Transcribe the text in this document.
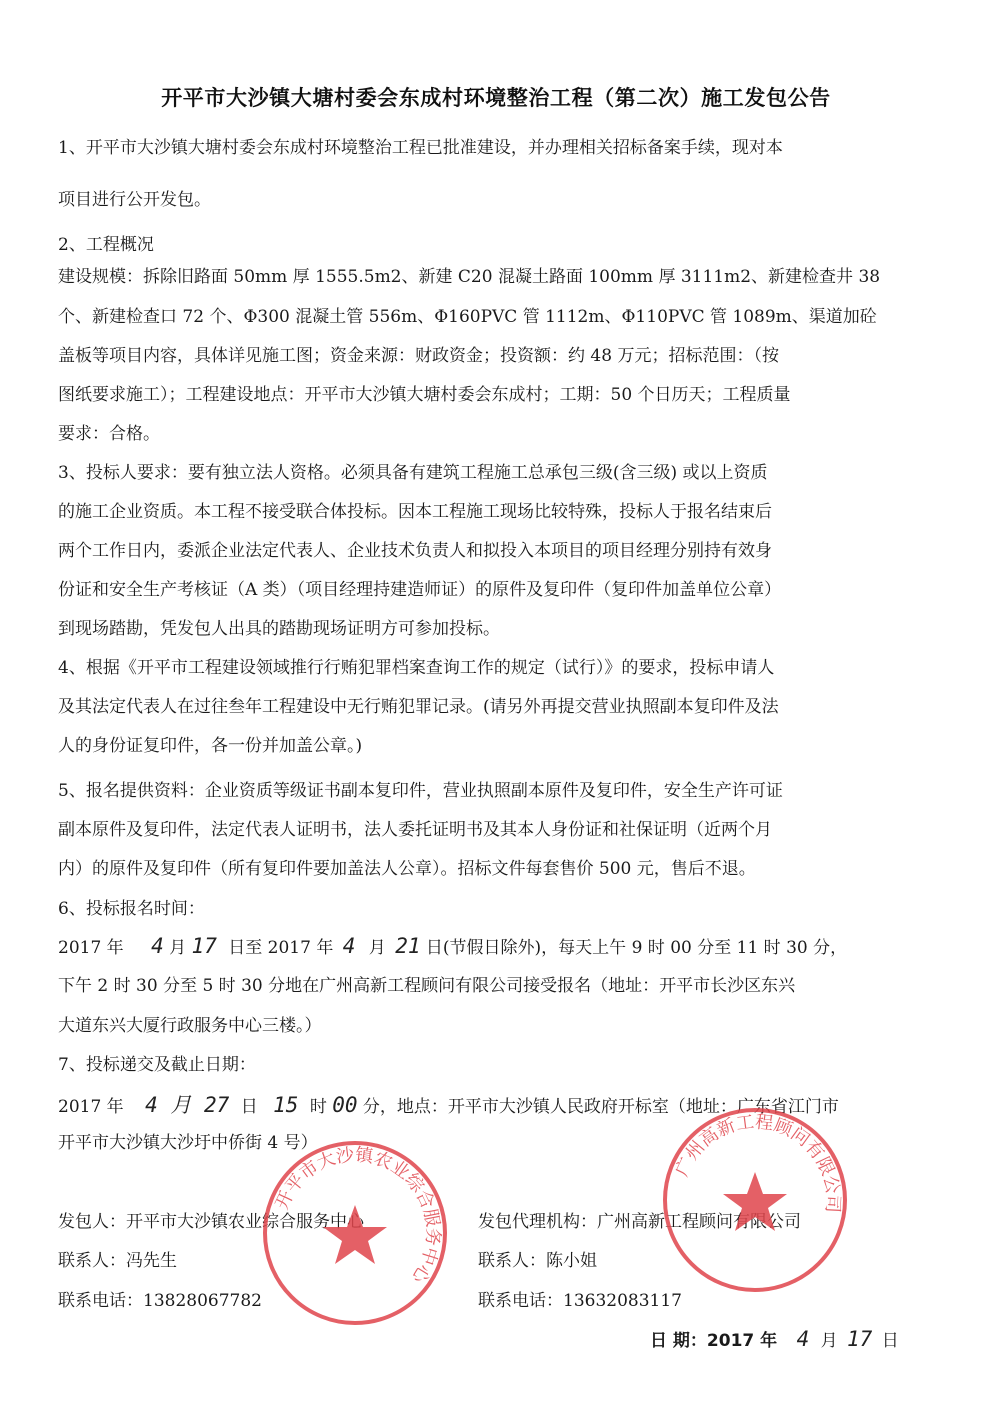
开平市大沙镇大塘村委会东成村环境整治工程（第二次）施工发包公告
1、开平市大沙镇大塘村委会东成村环境整治工程已批准建设，并办理相关招标备案手续，现对本
项目进行公开发包。
2、工程概况
建设规模：拆除旧路面 50mm 厚 1555.5m2、新建 C20 混凝土路面 100mm 厚 3111m2、新建检查井 38
个、新建检查口 72 个、Φ300 混凝土管 556m、Φ160PVC 管 1112m、Φ110PVC 管 1089m、渠道加砼
盖板等项目内容，具体详见施工图；资金来源：财政资金；投资额：约 48 万元；招标范围：（按
图纸要求施工）；工程建设地点：开平市大沙镇大塘村委会东成村；工期：50 个日历天；工程质量
要求：合格。
3、投标人要求：要有独立法人资格。必须具备有建筑工程施工总承包三级(含三级) 或以上资质
的施工企业资质。本工程不接受联合体投标。因本工程施工现场比较特殊，投标人于报名结束后
两个工作日内，委派企业法定代表人、企业技术负责人和拟投入本项目的项目经理分别持有效身
份证和安全生产考核证（A 类）（项目经理持建造师证）的原件及复印件（复印件加盖单位公章）
到现场踏勘，凭发包人出具的踏勘现场证明方可参加投标。
4、根据《开平市工程建设领域推行行贿犯罪档案查询工作的规定（试行）》的要求，投标申请人
及其法定代表人在过往叁年工程建设中无行贿犯罪记录。(请另外再提交营业执照副本复印件及法
人的身份证复印件，各一份并加盖公章。)
5、报名提供资料：企业资质等级证书副本复印件，营业执照副本原件及复印件，安全生产许可证
副本原件及复印件，法定代表人证明书，法人委托证明书及其本人身份证和社保证明（近两个月
内）的原件及复印件（所有复印件要加盖法人公章）。招标文件每套售价 500 元，售后不退。
6、投标报名时间：
2017 年 4 月 17 日至 2017 年 4 月 21 日(节假日除外)，每天上午 9 时 00 分至 11 时 30 分，
下午 2 时 30 分至 5 时 30 分地在广州高新工程顾问有限公司接受报名（地址：开平市长沙区东兴
大道东兴大厦行政服务中心三楼。）
7、投标递交及截止日期：
2017 年 4 月 27 日 15 时 00 分，地点：开平市大沙镇人民政府开标室（地址：广东省江门市
开平市大沙镇大沙圩中侨街 4 号）
发包人：开平市大沙镇农业综合服务中心
联系人：冯先生
联系电话：13828067782
发包代理机构：广州高新工程顾问有限公司
联系人：陈小姐
联系电话：13632083117
日 期：2017 年 4 月 17 日
开平市大沙镇农业综合服务中心
广州高新工程顾问有限公司
